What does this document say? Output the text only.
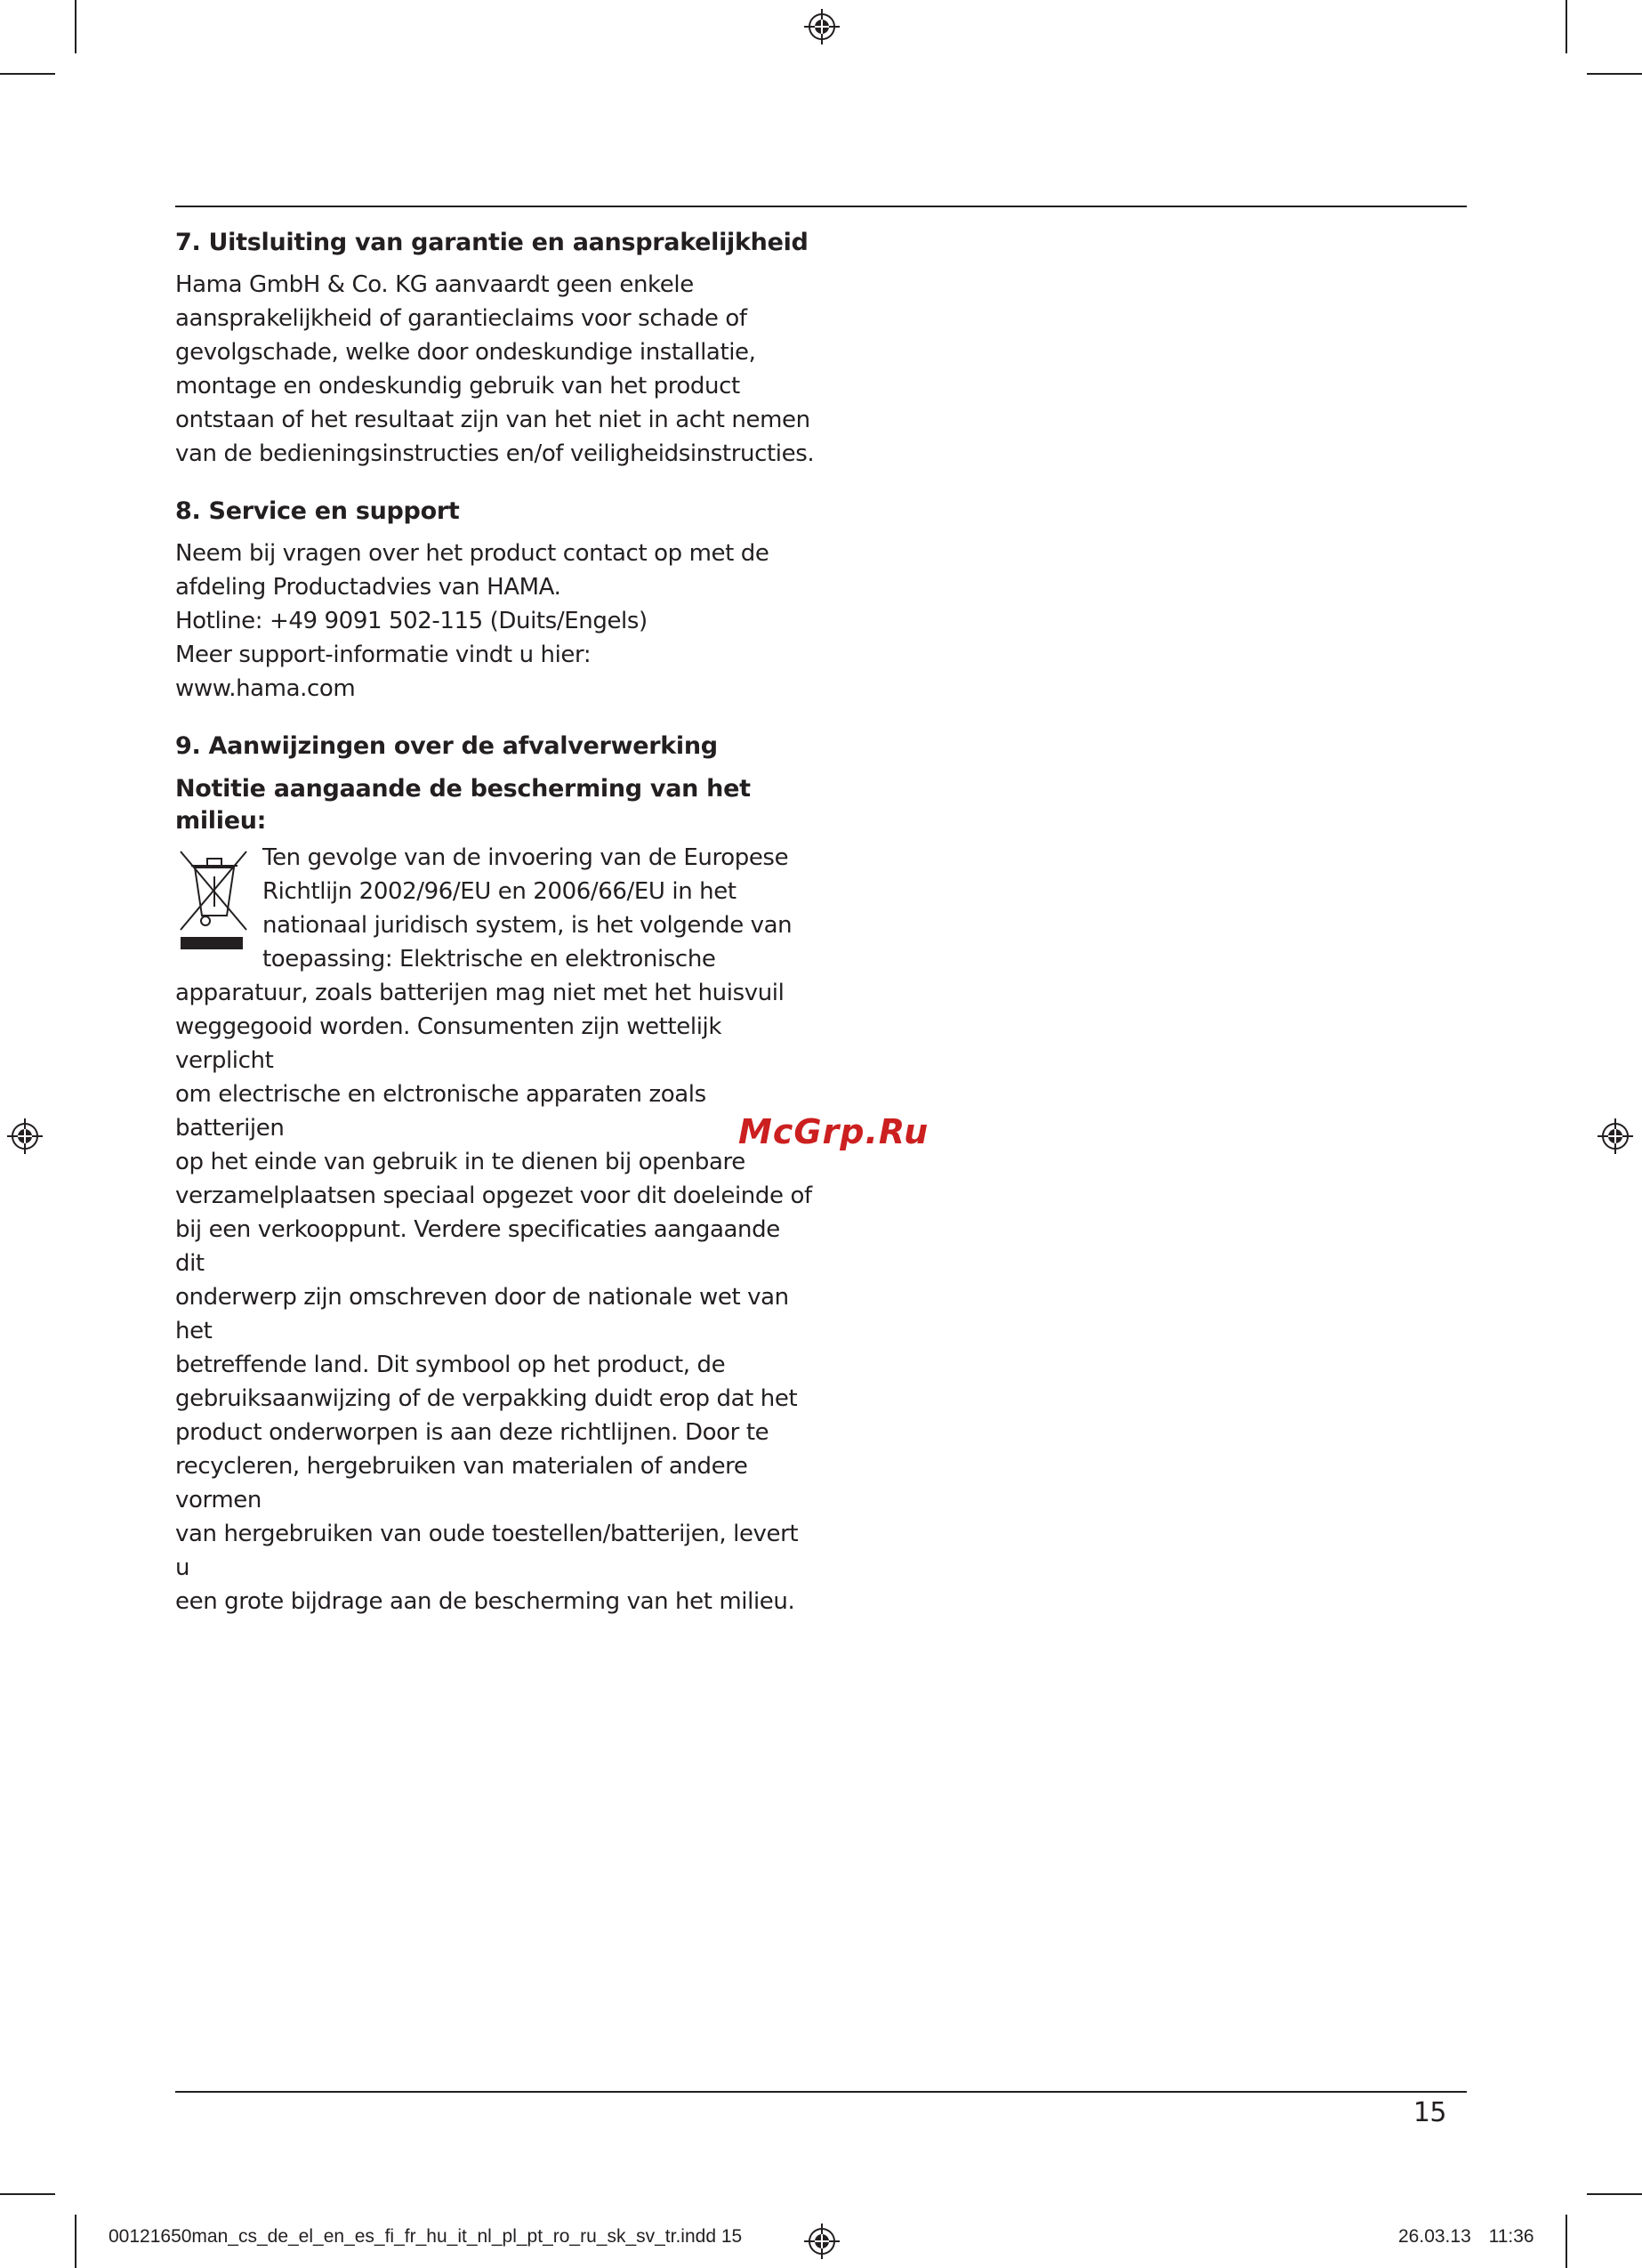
7. Uitsluiting van garantie en aansprakelijkheid

Hama GmbH & Co. KG aanvaardt geen enkele

aansprakelijkheid of garantieclaims voor schade of

gevolgschade, welke door ondeskundige installatie,

montage en ondeskundig gebruik van het product

ontstaan of het resultaat zijn van het niet in acht nemen

van de bedieningsinstructies en/of veiligheidsinstructies.

8. Service en support

Neem bij vragen over het product contact op met de

afdeling Productadvies van HAMA.

Hotline: +49 9091 502-115 (Duits/Engels)

Meer support-informatie vindt u hier:

www.hama.com

9. Aanwijzingen over de afvalverwerking

Notitie aangaande de bescherming van het milieu:

Ten gevolge van de invoering van de Europese

Richtlijn 2002/96/EU en 2006/66/EU in het

nationaal juridisch system, is het volgende van

toepassing: Elektrische en elektronische

apparatuur, zoals batterijen mag niet met het huisvuil

weggegooid worden. Consumenten zijn wettelijk verplicht

om electrische en elctronische apparaten zoals batterijen

op het einde van gebruik in te dienen bij openbare

verzamelplaatsen speciaal opgezet voor dit doeleinde of

bij een verkooppunt. Verdere specificaties aangaande dit

onderwerp zijn omschreven door de nationale wet van het

betreffende land. Dit symbool op het product, de

gebruiksaanwijzing of de verpakking duidt erop dat het

product onderworpen is aan deze richtlijnen. Door te

recycleren, hergebruiken van materialen of andere vormen

van hergebruiken van oude toestellen/batterijen, levert u

een grote bijdrage aan de bescherming van het milieu.

McGrp.Ru
15
00121650man_cs_de_el_en_es_fi_fr_hu_it_nl_pl_pt_ro_ru_sk_sv_tr.indd 15	26.03.13 11:36
